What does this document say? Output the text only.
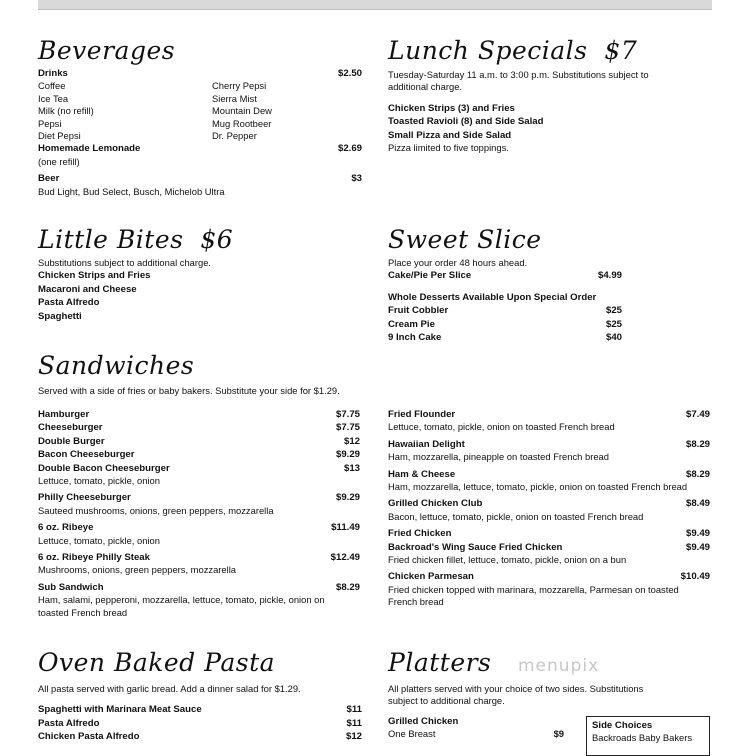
Beverages
Drinks	$2.50
Coffee
Ice Tea
Milk (no refill)
Pepsi
Diet Pepsi
Cherry Pepsi
Sierra Mist
Mountain Dew
Mug Rootbeer
Dr. Pepper
Homemade Lemonade	$2.69
(one refill)
Beer	$3
Bud Light, Bud Select, Busch, Michelob Ultra
Lunch Specials $7
Tuesday-Saturday 11 a.m. to 3:00 p.m. Substitutions subject to
additional charge.
Chicken Strips (3) and Fries
Toasted Ravioli (8) and Side Salad
Small Pizza and Side Salad
Pizza limited to five toppings.
Little Bites $6
Substitutions subject to additional charge.
Chicken Strips and Fries
Macaroni and Cheese
Pasta Alfredo
Spaghetti
Sweet Slice
Place your order 48 hours ahead.
Cake/Pie Per Slice	$4.99
Whole Desserts Available Upon Special Order
Fruit Cobbler	$25
Cream Pie	$25
9 Inch Cake	$40
Sandwiches
Served with a side of fries or baby bakers. Substitute your side for $1.29.
Hamburger	$7.75
Cheeseburger	$7.75
Double Burger	$12
Bacon Cheeseburger	$9.29
Double Bacon Cheeseburger	$13
Lettuce, tomato, pickle, onion
Philly Cheeseburger	$9.29
Sauteed mushrooms, onions, green peppers, mozzarella
6 oz. Ribeye	$11.49
Lettuce, tomato, pickle, onion
6 oz. Ribeye Philly Steak	$12.49
Mushrooms, onions, green peppers, mozzarella
Sub Sandwich	$8.29
Ham, salami, pepperoni, mozzarella, lettuce, tomato, pickle, onion on
toasted French bread
Fried Flounder	$7.49
Lettuce, tomato, pickle, onion on toasted French bread
Hawaiian Delight	$8.29
Ham, mozzarella, pineapple on toasted French bread
Ham & Cheese	$8.29
Ham, mozzarella, lettuce, tomato, pickle, onion on toasted French bread
Grilled Chicken Club	$8.49
Bacon, lettuce, tomato, pickle, onion on toasted French bread
Fried Chicken	$9.49
Backroad's Wing Sauce Fried Chicken	$9.49
Fried chicken fillet, lettuce, tomato, pickle, onion on a bun
Chicken Parmesan	$10.49
Fried chicken topped with marinara, mozzarella, Parmesan on toasted
French bread
Oven Baked Pasta
All pasta served with garlic bread. Add a dinner salad for $1.29.
Spaghetti with Marinara Meat Sauce	$11
Pasta Alfredo	$11
Chicken Pasta Alfredo	$12
Platters
All platters served with your choice of two sides. Substitutions
subject to additional charge.
Grilled Chicken
One Breast	$9
menupix
Side Choices
Backroads Baby Bakers
